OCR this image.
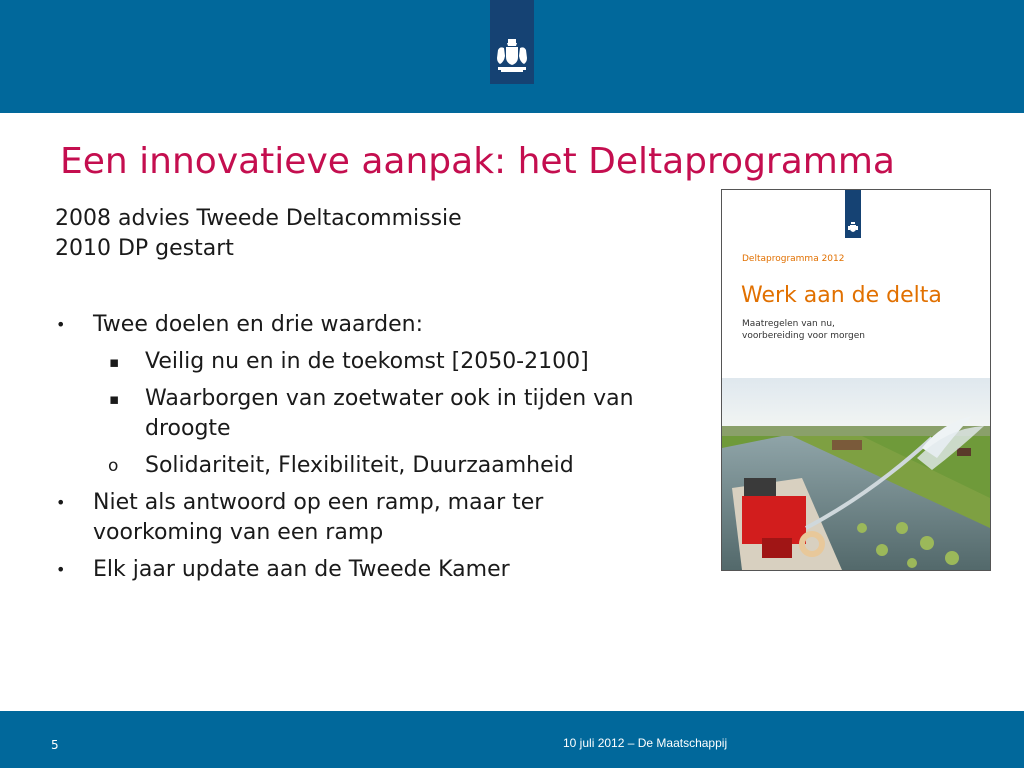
Een innovatieve aanpak: het Deltaprogramma
2008 advies Tweede Deltacommissie
2010 DP gestart
• Twee doelen en drie waarden:
▪ Veilig nu en in de toekomst [2050-2100]
▪ Waarborgen van zoetwater ook in tijden van droogte
o Solidariteit, Flexibiliteit, Duurzaamheid
• Niet als antwoord op een ramp, maar ter voorkoming van een ramp
• Elk jaar update aan de Tweede Kamer
Deltaprogramma 2012
Werk aan de delta
Maatregelen van nu,
voorbereiding voor morgen
5	10 juli 2012 – De Maatschappij
